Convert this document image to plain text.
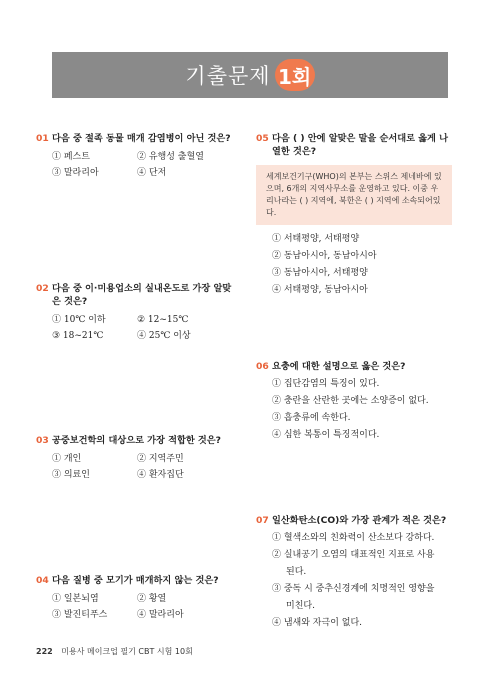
기출문제 1회
01 다음 중 절족 동물 매개 감염병이 아닌 것은?
① 페스트	② 유행성 출혈열
③ 말라리아	④ 단저
02 다음 중 이·미용업소의 실내온도로 가장 알맞은 것은?
① 10℃ 이하	② 12~15℃
③ 18~21℃	④ 25℃ 이상
03 공중보건학의 대상으로 가장 적합한 것은?
① 개인	② 지역주민
③ 의료인	④ 환자집단
04 다음 질병 중 모기가 매개하지 않는 것은?
① 일본뇌염	② 황열
③ 발진티푸스	④ 말라리아
05 다음 ( ) 안에 알맞은 말을 순서대로 옳게 나열한 것은?
세계보건기구(WHO)의 본부는 스위스 제네바에 있으며, 6개의 지역사무소를 운영하고 있다. 이중 우리나라는 ( ) 지역에, 북한은 ( ) 지역에 소속되어있다.
① 서태평양, 서태평양
② 동남아시아, 동남아시아
③ 동남아시아, 서태평양
④ 서태평양, 동남아시아
06 요충에 대한 설명으로 옳은 것은?
① 집단감염의 특징이 있다.
② 충란을 산란한 곳에는 소양증이 없다.
③ 흡충류에 속한다.
④ 심한 복통이 특징적이다.
07 일산화탄소(CO)와 가장 관계가 적은 것은?
① 혈색소와의 친화력이 산소보다 강하다.
② 실내공기 오염의 대표적인 지표로 사용
된다.
③ 중독 시 중추신경계에 치명적인 영향을
미친다.
④ 냄새와 자극이 없다.
222 미용사 메이크업 필기 CBT 시험 10회
